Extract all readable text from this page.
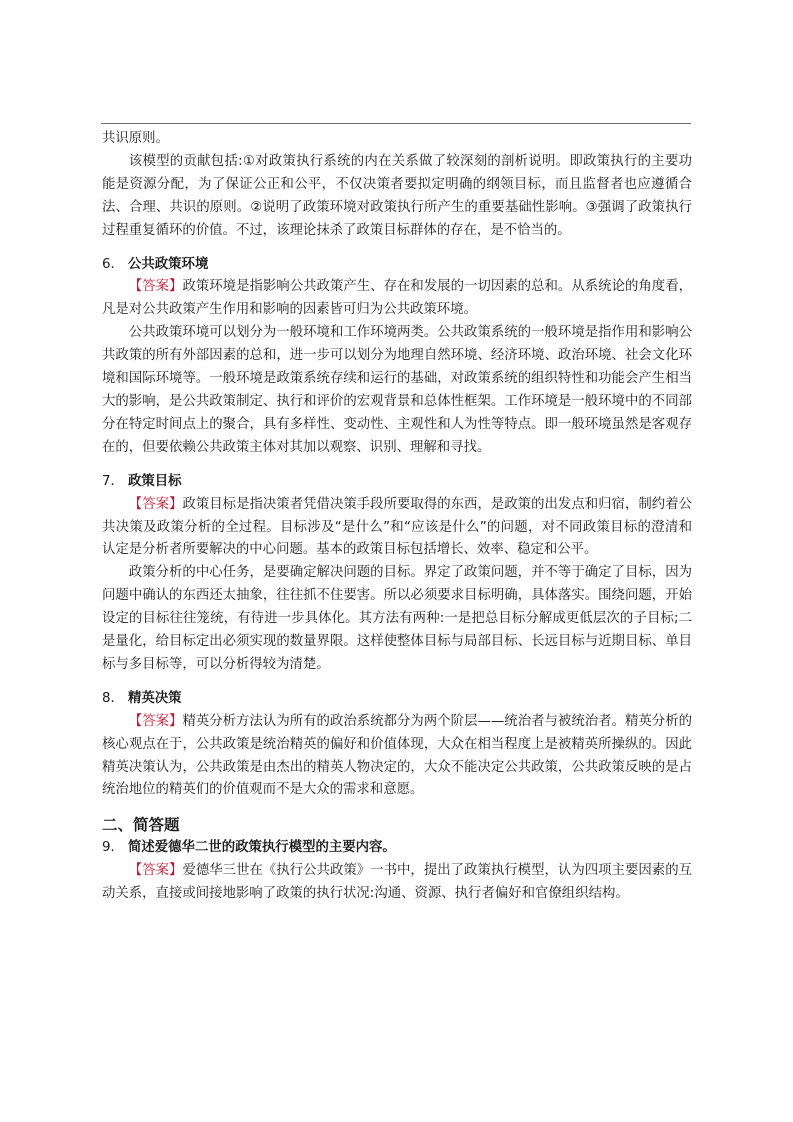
共识原则。

该模型的贡献包括:①对政策执行系统的内在关系做了较深刻的剖析说明。即政策执行的主要功能是资源分配，为了保证公正和公平，不仅决策者要拟定明确的纲领目标，而且监督者也应遵循合法、合理、共识的原则。②说明了政策环境对政策执行所产生的重要基础性影响。③强调了政策执行过程重复循环的价值。不过，该理论抹杀了政策目标群体的存在，是不恰当的。

6． 公共政策环境

【答案】政策环境是指影响公共政策产生、存在和发展的一切因素的总和。从系统论的角度看，凡是对公共政策产生作用和影响的因素皆可归为公共政策环境。

公共政策环境可以划分为一般环境和工作环境两类。公共政策系统的一般环境是指作用和影响公共政策的所有外部因素的总和，进一步可以划分为地理自然环境、经济环境、政治环境、社会文化环境和国际环境等。一般环境是政策系统存续和运行的基础，对政策系统的组织特性和功能会产生相当大的影响，是公共政策制定、执行和评价的宏观背景和总体性框架。工作环境是一般环境中的不同部分在特定时间点上的聚合，具有多样性、变动性、主观性和人为性等特点。即一般环境虽然是客观存在的，但要依赖公共政策主体对其加以观察、识别、理解和寻找。

7． 政策目标

【答案】政策目标是指决策者凭借决策手段所要取得的东西，是政策的出发点和归宿，制约着公共决策及政策分析的全过程。目标涉及“是什么”和“应该是什么”的问题，对不同政策目标的澄清和认定是分析者所要解决的中心问题。基本的政策目标包括增长、效率、稳定和公平。

政策分析的中心任务，是要确定解决问题的目标。界定了政策问题，并不等于确定了目标，因为问题中确认的东西还太抽象，往往抓不住要害。所以必须要求目标明确，具体落实。围绕问题，开始设定的目标往往笼统，有待进一步具体化。其方法有两种:一是把总目标分解成更低层次的子目标;二是量化，给目标定出必须实现的数量界限。这样使整体目标与局部目标、长远目标与近期目标、单目标与多目标等，可以分析得较为清楚。

8． 精英决策

【答案】精英分析方法认为所有的政治系统都分为两个阶层——统治者与被统治者。精英分析的核心观点在于，公共政策是统治精英的偏好和价值体现，大众在相当程度上是被精英所操纵的。因此精英决策认为，公共政策是由杰出的精英人物决定的，大众不能决定公共政策，公共政策反映的是占统治地位的精英们的价值观而不是大众的需求和意愿。

二、简答题

9． 简述爱德华二世的政策执行模型的主要内容。

【答案】爱德华三世在《执行公共政策》一书中，提出了政策执行模型，认为四项主要因素的互动关系，直接或间接地影响了政策的执行状况:沟通、资源、执行者偏好和官僚组织结构。
